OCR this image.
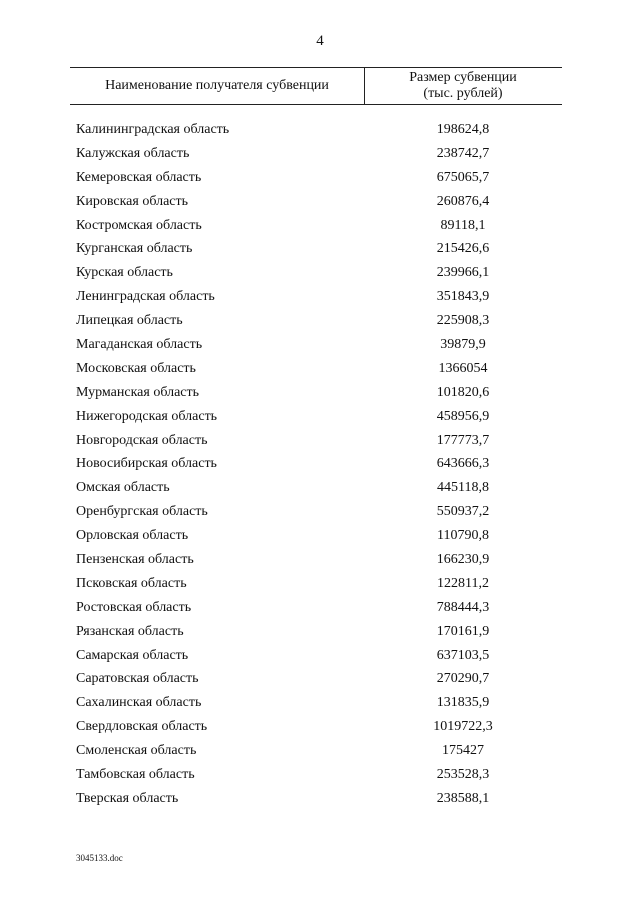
4
Наименование получателя субвенции
Размер субвенции
(тыс. рублей)
Калининградская область	198624,8
Калужская область	238742,7
Кемеровская область	675065,7
Кировская область	260876,4
Костромская область	89118,1
Курганская область	215426,6
Курская область	239966,1
Ленинградская область	351843,9
Липецкая область	225908,3
Магаданская область	39879,9
Московская область	1366054
Мурманская область	101820,6
Нижегородская область	458956,9
Новгородская область	177773,7
Новосибирская область	643666,3
Омская область	445118,8
Оренбургская область	550937,2
Орловская область	110790,8
Пензенская область	166230,9
Псковская область	122811,2
Ростовская область	788444,3
Рязанская область	170161,9
Самарская область	637103,5
Саратовская область	270290,7
Сахалинская область	131835,9
Свердловская область	1019722,3
Смоленская область	175427
Тамбовская область	253528,3
Тверская область	238588,1
3045133.doc
